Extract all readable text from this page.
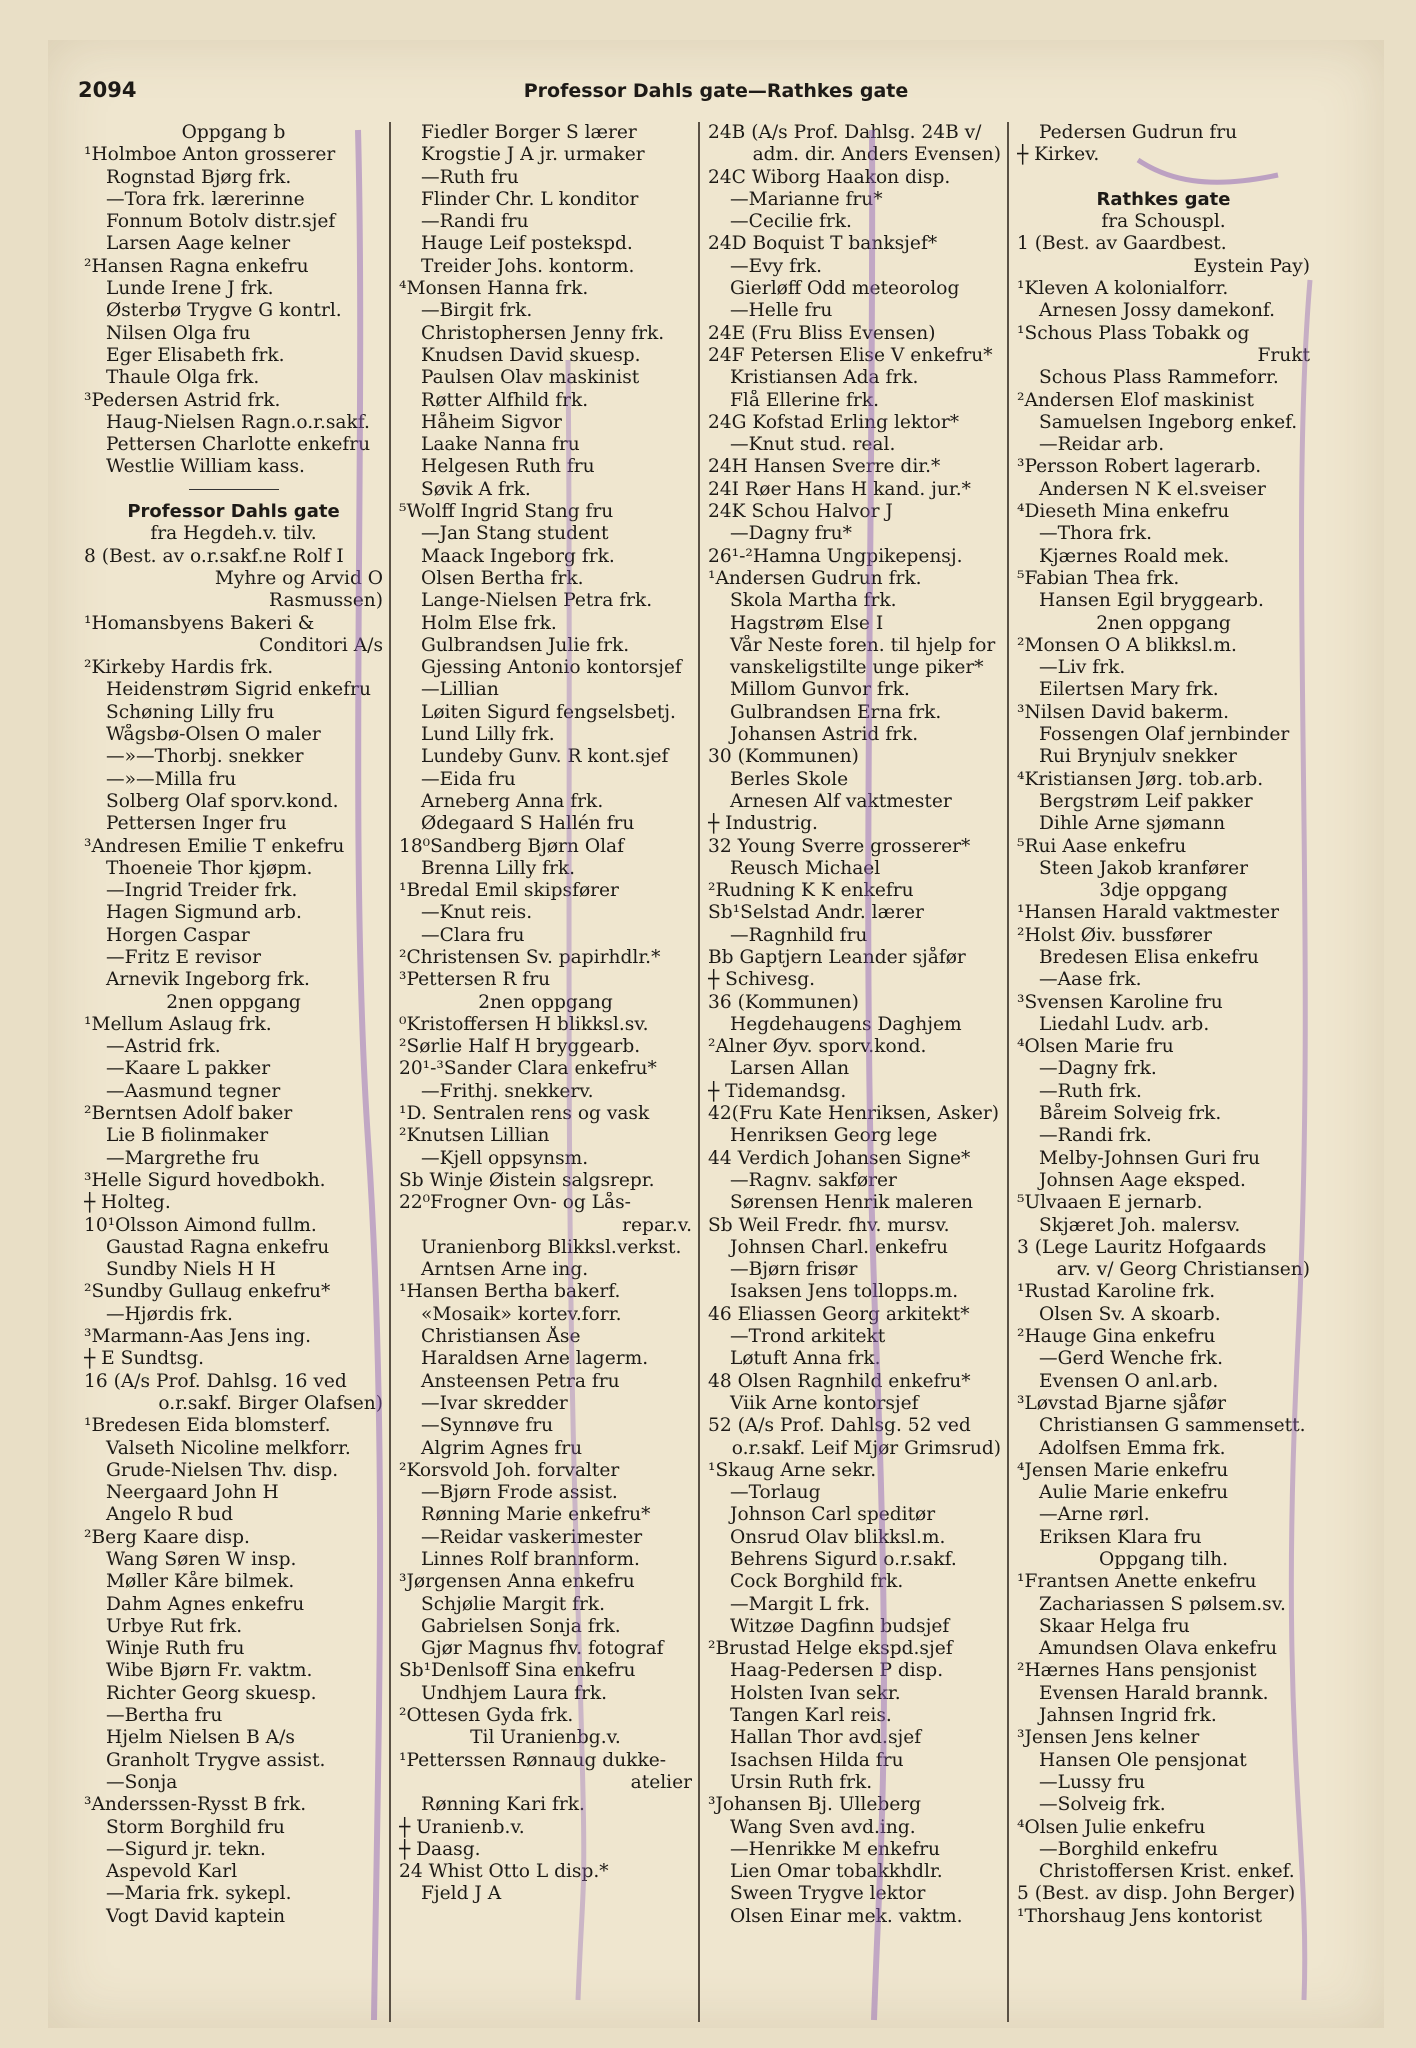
2094	Professor Dahls gate—Rathkes gate
Oppgang b
¹Holmboe Anton grosserer
Rognstad Bjørg frk.
—Tora frk. lærerinne
Fonnum Botolv distr.sjef
Larsen Aage kelner
²Hansen Ragna enkefru
Lunde Irene J frk.
Østerbø Trygve G kontrl.
Nilsen Olga fru
Eger Elisabeth frk.
Thaule Olga frk.
³Pedersen Astrid frk.
Haug-Nielsen Ragn.o.r.sakf.
Pettersen Charlotte enkefru
Westlie William kass.
Professor Dahls gate
fra Hegdeh.v. tilv.
8 (Best. av o.r.sakf.ne Rolf I
Myhre og Arvid O
Rasmussen)
¹Homansbyens Bakeri &
Conditori A/s
²Kirkeby Hardis frk.
Heidenstrøm Sigrid enkefru
Schøning Lilly fru
Wågsbø-Olsen O maler
—»—Thorbj. snekker
—»—Milla fru
Solberg Olaf sporv.kond.
Pettersen Inger fru
³Andresen Emilie T enkefru
Thoeneie Thor kjøpm.
—Ingrid Treider frk.
Hagen Sigmund arb.
Horgen Caspar
—Fritz E revisor
Arnevik Ingeborg frk.
2nen oppgang
¹Mellum Aslaug frk.
—Astrid frk.
—Kaare L pakker
—Aasmund tegner
²Berntsen Adolf baker
Lie B fiolinmaker
—Margrethe fru
³Helle Sigurd hovedbokh.
┼ Holteg.
10¹Olsson Aimond fullm.
Gaustad Ragna enkefru
Sundby Niels H H
²Sundby Gullaug enkefru*
—Hjørdis frk.
³Marmann-Aas Jens ing.
┼ E Sundtsg.
16 (A/s Prof. Dahlsg. 16 ved
o.r.sakf. Birger Olafsen)
¹Bredesen Eida blomsterf.
Valseth Nicoline melkforr.
Grude-Nielsen Thv. disp.
Neergaard John H
Angelo R bud
²Berg Kaare disp.
Wang Søren W insp.
Møller Kåre bilmek.
Dahm Agnes enkefru
Urbye Rut frk.
Winje Ruth fru
Wibe Bjørn Fr. vaktm.
Richter Georg skuesp.
—Bertha fru
Hjelm Nielsen B A/s
Granholt Trygve assist.
—Sonja
³Anderssen-Rysst B frk.
Storm Borghild fru
—Sigurd jr. tekn.
Aspevold Karl
—Maria frk. sykepl.
Vogt David kaptein
Fiedler Borger S lærer
Krogstie J A jr. urmaker
—Ruth fru
Flinder Chr. L konditor
—Randi fru
Hauge Leif postekspd.
Treider Johs. kontorm.
⁴Monsen Hanna frk.
—Birgit frk.
Christophersen Jenny frk.
Knudsen David skuesp.
Paulsen Olav maskinist
Røtter Alfhild frk.
Håheim Sigvor
Laake Nanna fru
Helgesen Ruth fru
Søvik A frk.
⁵Wolff Ingrid Stang fru
—Jan Stang student
Maack Ingeborg frk.
Olsen Bertha frk.
Lange-Nielsen Petra frk.
Holm Else frk.
Gulbrandsen Julie frk.
Gjessing Antonio kontorsjef
—Lillian
Løiten Sigurd fengselsbetj.
Lund Lilly frk.
Lundeby Gunv. R kont.sjef
—Eida fru
Arneberg Anna frk.
Ødegaard S Hallén fru
18⁰Sandberg Bjørn Olaf
Brenna Lilly frk.
¹Bredal Emil skipsfører
—Knut reis.
—Clara fru
²Christensen Sv. papirhdlr.*
³Pettersen R fru
2nen oppgang
⁰Kristoffersen H blikksl.sv.
²Sørlie Half H bryggearb.
20¹-³Sander Clara enkefru*
—Frithj. snekkerv.
¹D. Sentralen rens og vask
²Knutsen Lillian
—Kjell oppsynsm.
Sb Winje Øistein salgsrepr.
22⁰Frogner Ovn- og Lås-
repar.v.
Uranienborg Blikksl.verkst.
Arntsen Arne ing.
¹Hansen Bertha bakerf.
«Mosaik» kortev.forr.
Christiansen Åse
Haraldsen Arne lagerm.
Ansteensen Petra fru
—Ivar skredder
—Synnøve fru
Algrim Agnes fru
²Korsvold Joh. forvalter
—Bjørn Frode assist.
Rønning Marie enkefru*
—Reidar vaskerimester
Linnes Rolf brannform.
³Jørgensen Anna enkefru
Schjølie Margit frk.
Gabrielsen Sonja frk.
Gjør Magnus fhv. fotograf
Sb¹Denlsoff Sina enkefru
Undhjem Laura frk.
²Ottesen Gyda frk.
Til Uranienbg.v.
¹Petterssen Rønnaug dukke-
atelier
Rønning Kari frk.
┼ Uranienb.v.
┼ Daasg.
24 Whist Otto L disp.*
Fjeld J A
24B (A/s Prof. Dahlsg. 24B v/
adm. dir. Anders Evensen)
24C Wiborg Haakon disp.
—Marianne fru*
—Cecilie frk.
24D Boquist T banksjef*
—Evy frk.
Gierløff Odd meteorolog
—Helle fru
24E (Fru Bliss Evensen)
24F Petersen Elise V enkefru*
Kristiansen Ada frk.
Flå Ellerine frk.
24G Kofstad Erling lektor*
—Knut stud. real.
24H Hansen Sverre dir.*
24I Røer Hans H kand. jur.*
24K Schou Halvor J
—Dagny fru*
26¹-²Hamna Ungpikepensj.
¹Andersen Gudrun frk.
Skola Martha frk.
Hagstrøm Else I
Vår Neste foren. til hjelp for
vanskeligstilte unge piker*
Millom Gunvor frk.
Gulbrandsen Erna frk.
Johansen Astrid frk.
30 (Kommunen)
Berles Skole
Arnesen Alf vaktmester
┼ Industrig.
32 Young Sverre grosserer*
Reusch Michael
²Rudning K K enkefru
Sb¹Selstad Andr. lærer
—Ragnhild fru
Bb Gaptjern Leander sjåfør
┼ Schivesg.
36 (Kommunen)
Hegdehaugens Daghjem
²Alner Øyv. sporv.kond.
Larsen Allan
┼ Tidemandsg.
42(Fru Kate Henriksen, Asker)
Henriksen Georg lege
44 Verdich Johansen Signe*
—Ragnv. sakfører
Sørensen Henrik maleren
Sb Weil Fredr. fhv. mursv.
Johnsen Charl. enkefru
—Bjørn frisør
Isaksen Jens tollopps.m.
46 Eliassen Georg arkitekt*
—Trond arkitekt
Løtuft Anna frk.
48 Olsen Ragnhild enkefru*
Viik Arne kontorsjef
52 (A/s Prof. Dahlsg. 52 ved
o.r.sakf. Leif Mjør Grimsrud)
¹Skaug Arne sekr.
—Torlaug
Johnson Carl speditør
Onsrud Olav blikksl.m.
Behrens Sigurd o.r.sakf.
Cock Borghild frk.
—Margit L frk.
Witzøe Dagfinn budsjef
²Brustad Helge ekspd.sjef
Haag-Pedersen P disp.
Holsten Ivan sekr.
Tangen Karl reis.
Hallan Thor avd.sjef
Isachsen Hilda fru
Ursin Ruth frk.
³Johansen Bj. Ulleberg
Wang Sven avd.ing.
—Henrikke M enkefru
Lien Omar tobakkhdlr.
Sween Trygve lektor
Olsen Einar mek. vaktm.
Pedersen Gudrun fru
┼ Kirkev.
Rathkes gate
fra Schouspl.
1 (Best. av Gaardbest.
Eystein Pay)
¹Kleven A kolonialforr.
Arnesen Jossy damekonf.
¹Schous Plass Tobakk og
Frukt
Schous Plass Rammeforr.
²Andersen Elof maskinist
Samuelsen Ingeborg enkef.
—Reidar arb.
³Persson Robert lagerarb.
Andersen N K el.sveiser
⁴Dieseth Mina enkefru
—Thora frk.
Kjærnes Roald mek.
⁵Fabian Thea frk.
Hansen Egil bryggearb.
2nen oppgang
²Monsen O A blikksl.m.
—Liv frk.
Eilertsen Mary frk.
³Nilsen David bakerm.
Fossengen Olaf jernbinder
Rui Brynjulv snekker
⁴Kristiansen Jørg. tob.arb.
Bergstrøm Leif pakker
Dihle Arne sjømann
⁵Rui Aase enkefru
Steen Jakob kranfører
3dje oppgang
¹Hansen Harald vaktmester
²Holst Øiv. bussfører
Bredesen Elisa enkefru
—Aase frk.
³Svensen Karoline fru
Liedahl Ludv. arb.
⁴Olsen Marie fru
—Dagny frk.
—Ruth frk.
Båreim Solveig frk.
—Randi frk.
Melby-Johnsen Guri fru
Johnsen Aage eksped.
⁵Ulvaaen E jernarb.
Skjæret Joh. malersv.
3 (Lege Lauritz Hofgaards
arv. v/ Georg Christiansen)
¹Rustad Karoline frk.
Olsen Sv. A skoarb.
²Hauge Gina enkefru
—Gerd Wenche frk.
Evensen O anl.arb.
³Løvstad Bjarne sjåfør
Christiansen G sammensett.
Adolfsen Emma frk.
⁴Jensen Marie enkefru
Aulie Marie enkefru
—Arne rørl.
Eriksen Klara fru
Oppgang tilh.
¹Frantsen Anette enkefru
Zachariassen S pølsem.sv.
Skaar Helga fru
Amundsen Olava enkefru
²Hærnes Hans pensjonist
Evensen Harald brannk.
Jahnsen Ingrid frk.
³Jensen Jens kelner
Hansen Ole pensjonat
—Lussy fru
—Solveig frk.
⁴Olsen Julie enkefru
—Borghild enkefru
Christoffersen Krist. enkef.
5 (Best. av disp. John Berger)
¹Thorshaug Jens kontorist
